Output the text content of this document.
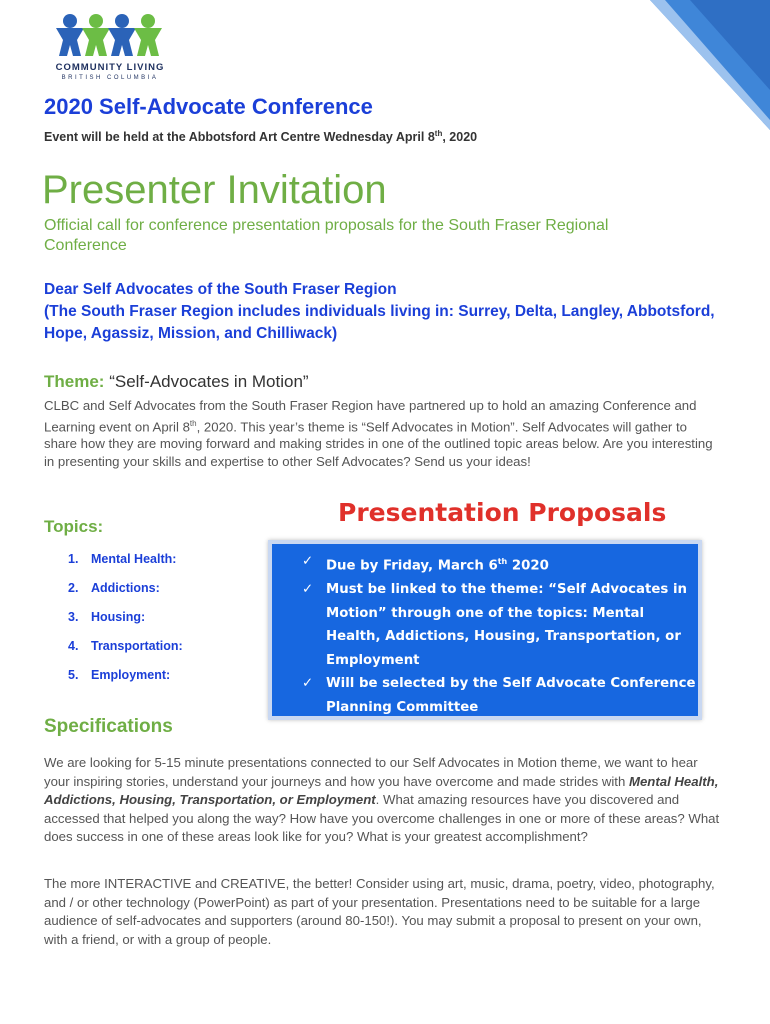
COMMUNITY LIVING
BRITISH COLUMBIA
2020 Self-Advocate Conference

Event will be held at the Abbotsford Art Centre Wednesday April 8th, 2020

Presenter Invitation

Official call for conference presentation proposals for the South Fraser Regional Conference

Dear Self Advocates of the South Fraser Region
(The South Fraser Region includes individuals living in: Surrey, Delta, Langley, Abbotsford, Hope, Agassiz, Mission, and Chilliwack)

Theme: “Self-Advocates in Motion”

CLBC and Self Advocates from the South Fraser Region have partnered up to hold an amazing Conference and Learning event on April 8th, 2020. This year’s theme is “Self Advocates in Motion”. Self Advocates will gather to share how they are moving forward and making strides in one of the outlined topic areas below. Are you interesting in presenting your skills and expertise to other Self Advocates? Send us your ideas!

Topics:
1. Mental Health:
2. Addictions:
3. Housing:
4. Transportation:
5. Employment:
Presentation Proposals
✓ Due by Friday, March 6th 2020
✓ Must be linked to the theme: “Self Advocates in Motion” through one of the topics: Mental Health, Addictions, Housing, Transportation, or Employment
✓ Will be selected by the Self Advocate Conference Planning Committee
Specifications

We are looking for 5-15 minute presentations connected to our Self Advocates in Motion theme, we want to hear your inspiring stories, understand your journeys and how you have overcome and made strides with Mental Health, Addictions, Housing, Transportation, or Employment. What amazing resources have you discovered and accessed that helped you along the way? How have you overcome challenges in one or more of these areas? What does success in one of these areas look like for you? What is your greatest accomplishment?

The more INTERACTIVE and CREATIVE, the better! Consider using art, music, drama, poetry, video, photography, and / or other technology (PowerPoint) as part of your presentation. Presentations need to be suitable for a large audience of self-advocates and supporters (around 80-150!). You may submit a proposal to present on your own, with a friend, or with a group of people.
